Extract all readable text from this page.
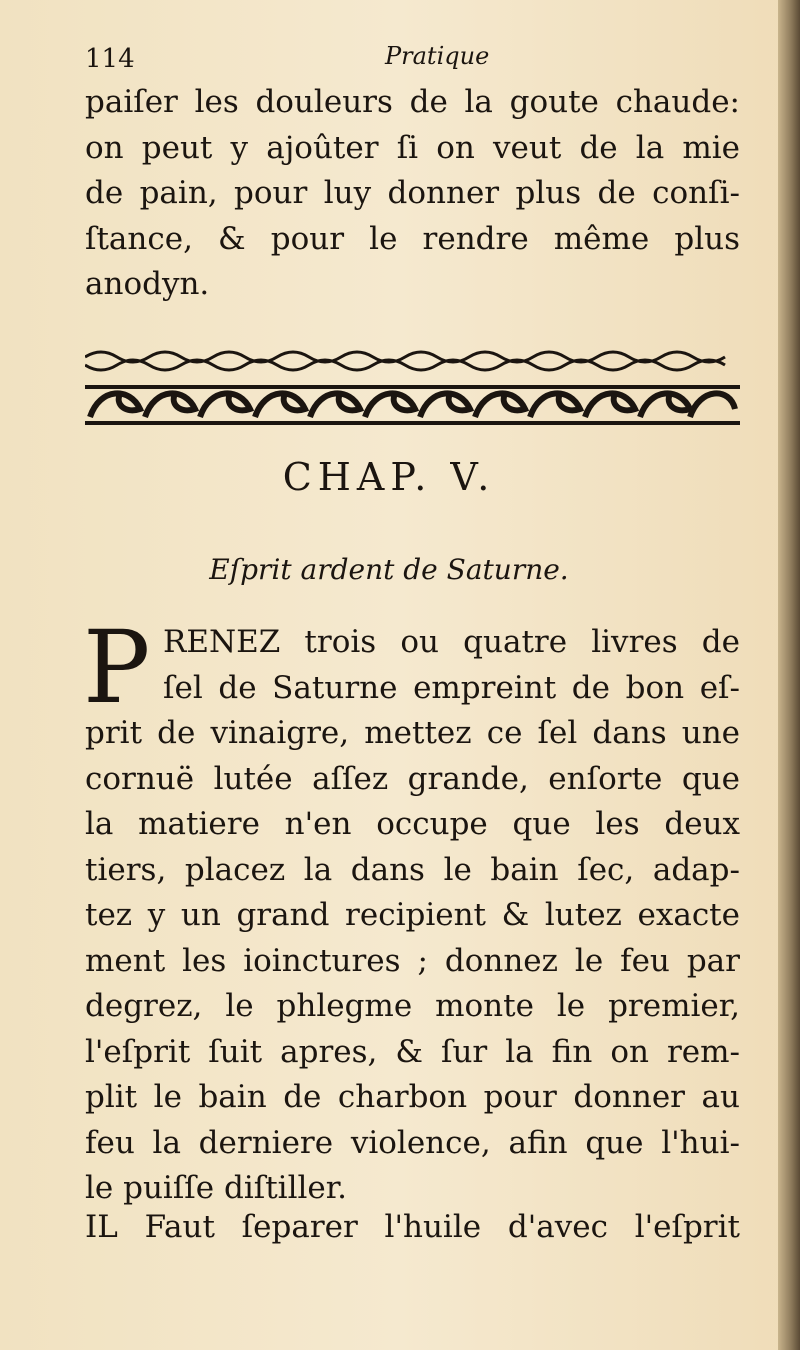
114	Pratique
paiſer les douleurs de la goute chaude:
on peut y ajoûter ſi on veut de la mie
de pain, pour luy donner plus de conſi-
ſtance, & pour le rendre même plus
anodyn.
CHAP. V.
Eſprit ardent de Saturne.
P RENEZ trois ou quatre livres de
ſel de Saturne empreint de bon eſ-
prit de vinaigre, mettez ce ſel dans une
cornuë lutée aſſez grande, enſorte que
la matiere n'en occupe que les deux
tiers, placez la dans le bain ſec, adap-
tez y un grand recipient & lutez exacte
ment les ioinctures ; donnez le feu par
degrez, le phlegme monte le premier,
l'eſprit ſuit apres, & ſur la fin on rem-
plit le bain de charbon pour donner au
feu la derniere violence, afin que l'hui-
le puiſſe diſtiller.
IL Faut ſeparer l'huile d'avec l'eſprit
